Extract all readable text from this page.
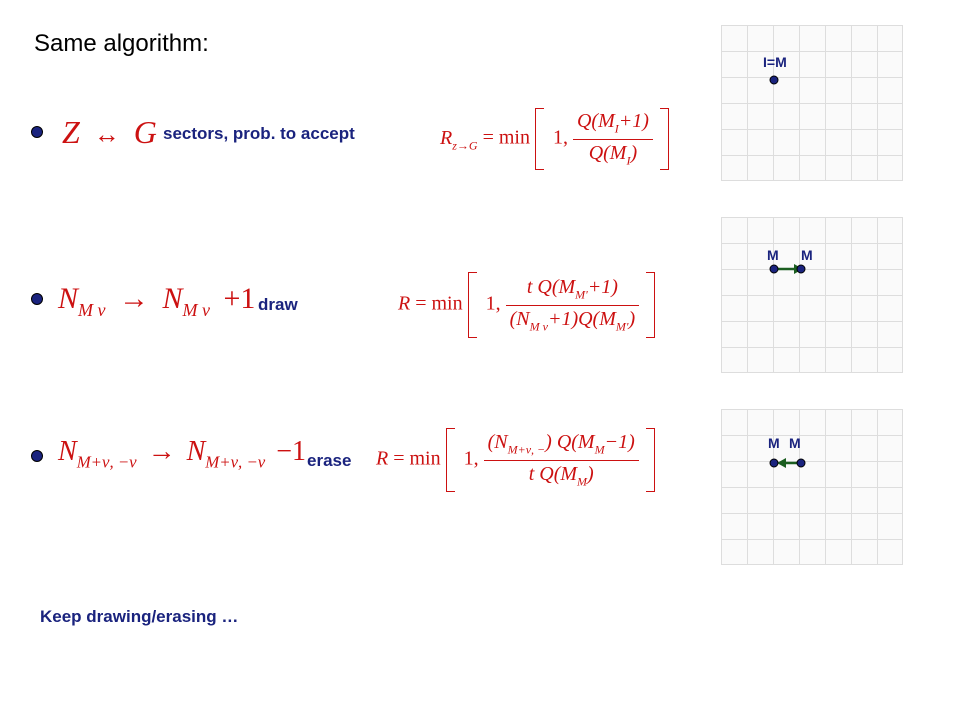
Same algorithm:
Z ↔ G sectors, prob. to accept	$R_{z\to G} = \min 1$, $\frac{Q(M_I+1)}{Q(M_I)}$

$N_{M \nu} \to N_{M \nu} +1$ draw	R = min 1, $\frac{t Q(M_{M'}+1)}{(N_{M \nu}+1)Q(M_{M'})}$

$N_{M+\nu, -\nu} \to N_{M+\nu, -\nu} -1$ erase R = min 1, $\frac{(N_{M+\nu, -}) Q(M_M-1)}{t Q(M_M)}$

I=M
M M
M M
Keep drawing/erasing …
